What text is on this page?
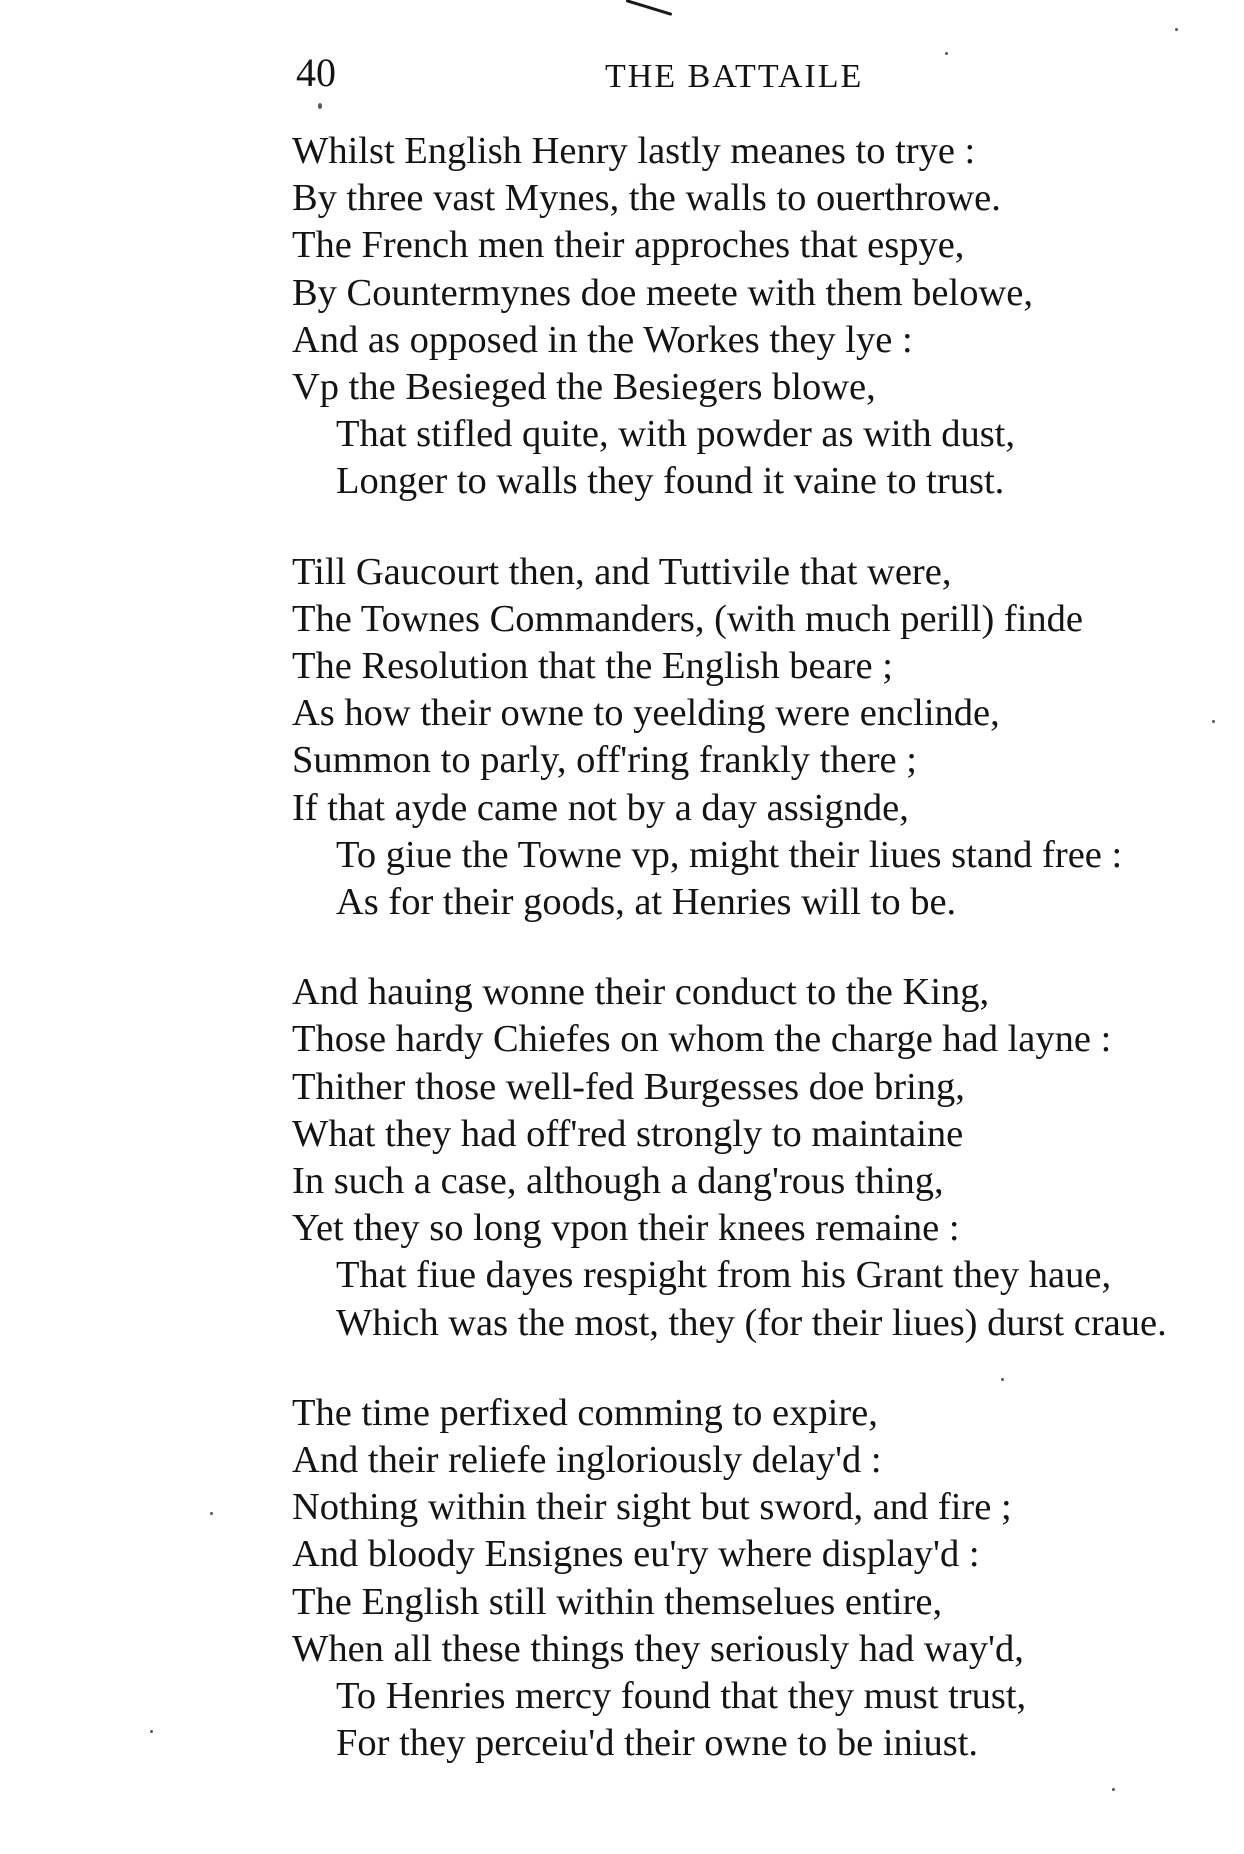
40	THE BATTAILE
Whilst English Henry lastly meanes to trye :
By three vast Mynes, the walls to ouerthrowe.
The French men their approches that espye,
By Countermynes doe meete with them belowe,
And as opposed in the Workes they lye :
Vp the Besieged the Besiegers blowe,
That stifled quite, with powder as with dust,
Longer to walls they found it vaine to trust.
Till Gaucourt then, and Tuttivile that were,
The Townes Commanders, (with much perill) finde
The Resolution that the English beare ;
As how their owne to yeelding were enclinde,
Summon to parly, off'ring frankly there ;
If that ayde came not by a day assignde,
To giue the Towne vp, might their liues stand free :
As for their goods, at Henries will to be.
And hauing wonne their conduct to the King,
Those hardy Chiefes on whom the charge had layne :
Thither those well-fed Burgesses doe bring,
What they had off'red strongly to maintaine
In such a case, although a dang'rous thing,
Yet they so long vpon their knees remaine :
That fiue dayes respight from his Grant they haue,
Which was the most, they (for their liues) durst craue.
The time perfixed comming to expire,
And their reliefe ingloriously delay'd :
Nothing within their sight but sword, and fire ;
And bloody Ensignes eu'ry where display'd :
The English still within themselues entire,
When all these things they seriously had way'd,
To Henries mercy found that they must trust,
For they perceiu'd their owne to be iniust.
